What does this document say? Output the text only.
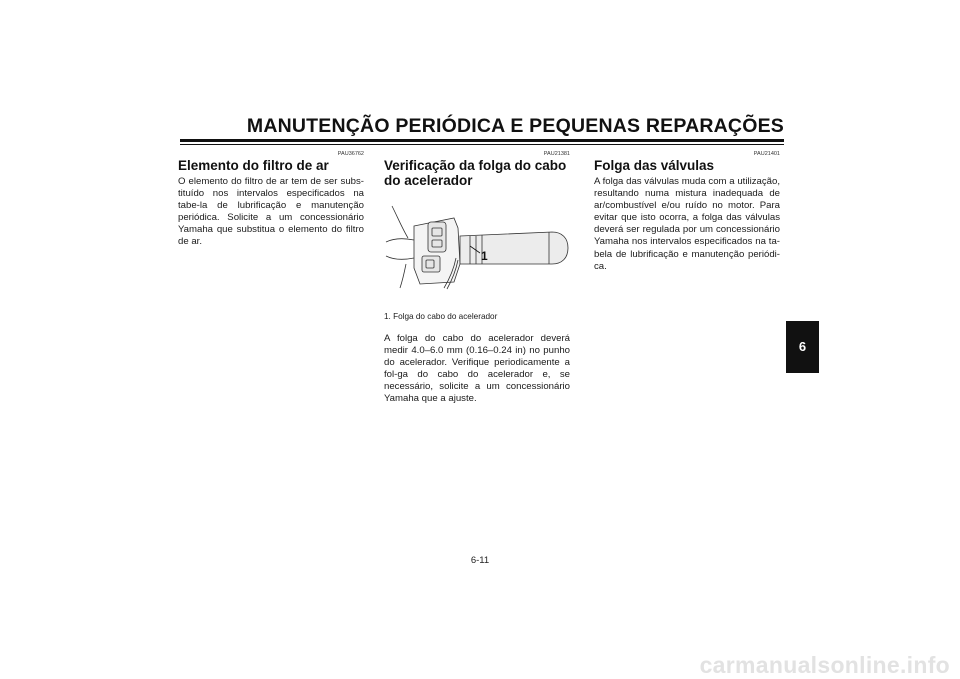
MANUTENÇÃO PERIÓDICA E PEQUENAS REPARAÇÕES
PAU36762
Elemento do filtro de ar

O elemento do filtro de ar tem de ser subs-tituído nos intervalos especificados na tabe-la de lubrificação e manutenção periódica. Solicite a um concessionário Yamaha que substitua o elemento do filtro de ar.

PAU21381
Verificação da folga do cabo do acelerador
1
1. Folga do cabo do acelerador

A folga do cabo do acelerador deverá medir 4.0–6.0 mm (0.16–0.24 in) no punho do acelerador. Verifique periodicamente a fol-ga do cabo do acelerador e, se necessário, solicite a um concessionário Yamaha que a ajuste.

PAU21401
Folga das válvulas

A folga das válvulas muda com a utilização, resultando numa mistura inadequada de ar/combustível e/ou ruído no motor. Para evitar que isto ocorra, a folga das válvulas deverá ser regulada por um concessionário Yamaha nos intervalos especificados na ta-bela de lubrificação e manutenção periódi-ca.

6
6-11
carmanualsonline.info
